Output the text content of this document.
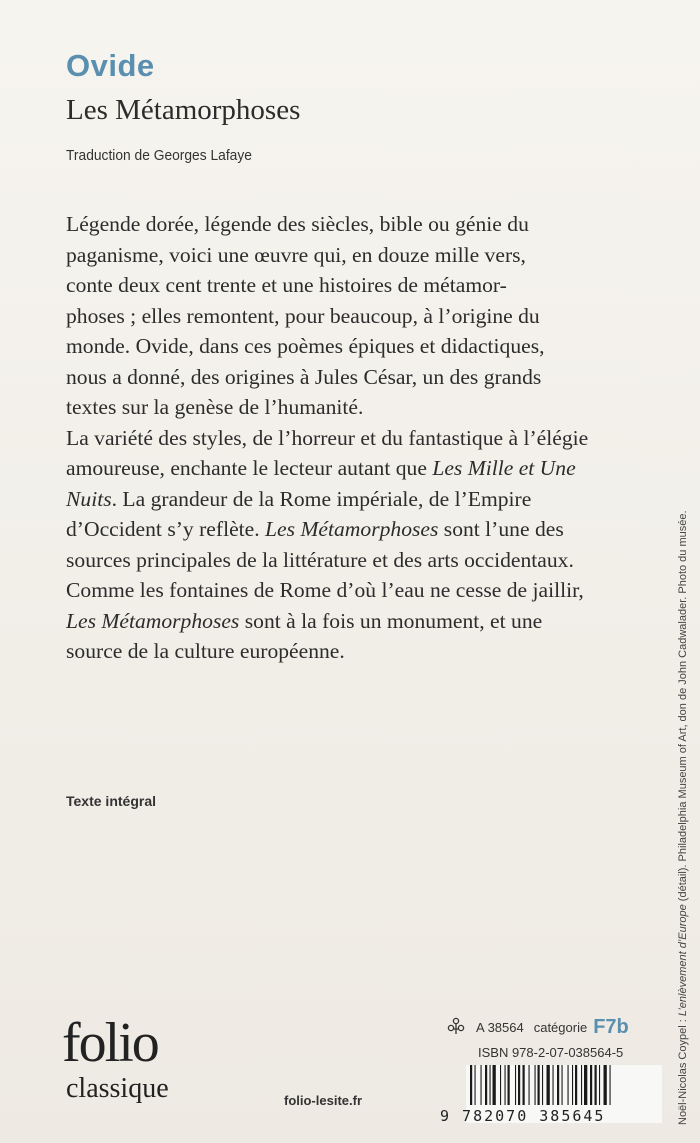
Ovide
Les Métamorphoses
Traduction de Georges Lafaye
Légende dorée, légende des siècles, bible ou génie du
paganisme, voici une œuvre qui, en douze mille vers,
conte deux cent trente et une histoires de métamor-
phoses ; elles remontent, pour beaucoup, à l’origine du
monde. Ovide, dans ces poèmes épiques et didactiques,
nous a donné, des origines à Jules César, un des grands
textes sur la genèse de l’humanité.
La variété des styles, de l’horreur et du fantastique à l’élégie
amoureuse, enchante le lecteur autant que Les Mille et Une
Nuits. La grandeur de la Rome impériale, de l’Empire
d’Occident s’y reflète. Les Métamorphoses sont l’une des
sources principales de la littérature et des arts occidentaux.
Comme les fontaines de Rome d’où l’eau ne cesse de jaillir,
Les Métamorphoses sont à la fois un monument, et une
source de la culture européenne.
Texte intégral
Noël-Nicolas Coypel : L’enlèvement d’Europe (détail). Philadelphia Museum of Art, don de John Cadwalader. Photo du musée.
A 38564 catégorie F7b
ISBN 978-2-07-038564-5
9 782070 385645
folio
classique	folio-lesite.fr
